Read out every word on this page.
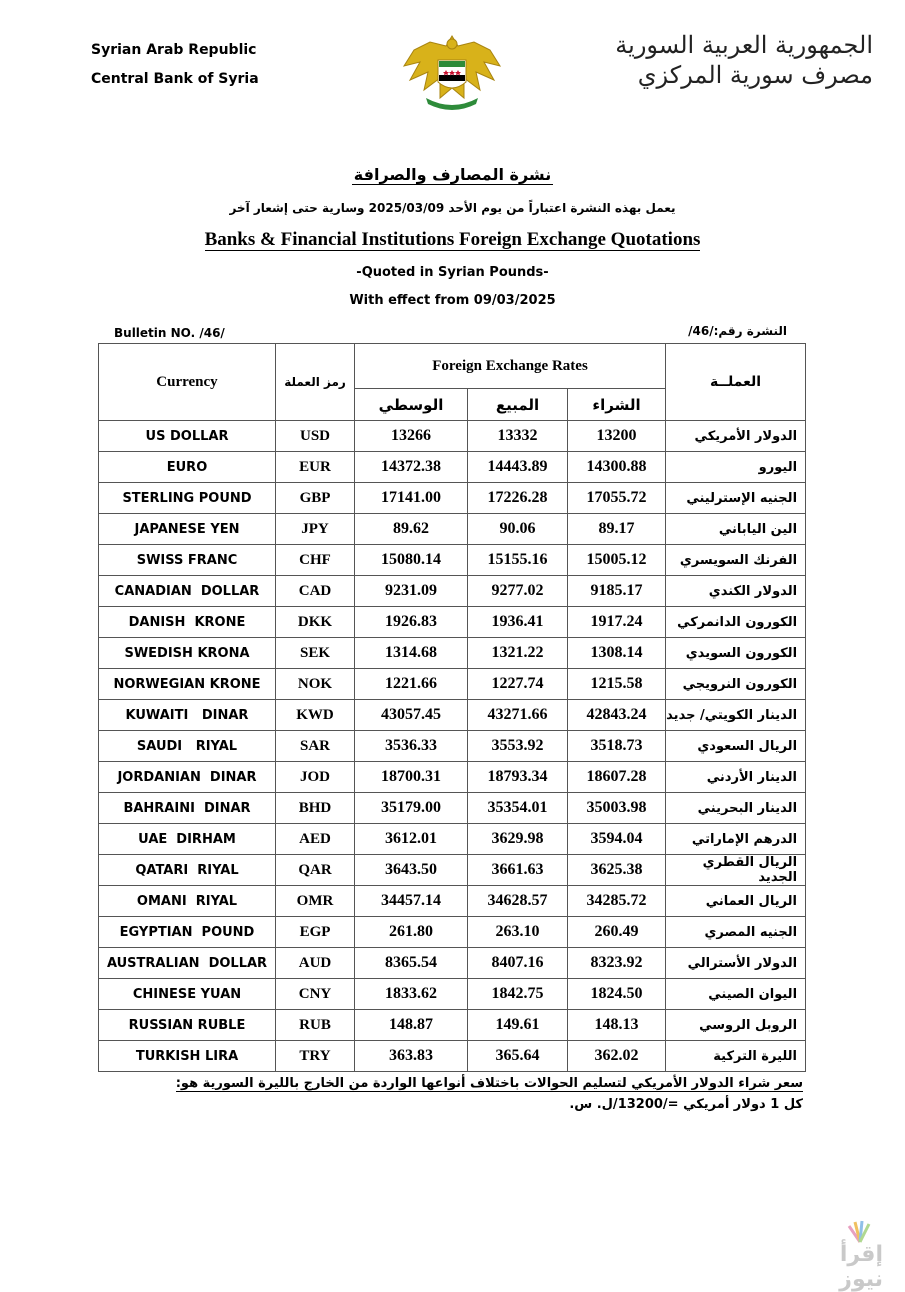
Syrian Arab Republic
Central Bank of Syria
الجمهورية العربية السورية
مصرف سورية المركزي
نشرة المصارف والصرافة
يعمل بهذه النشرة اعتباراً من يوم الأحد 2025/03/09 وسارية حتى إشعار آخر
Banks & Financial Institutions Foreign Exchange Quotations
-Quoted in Syrian Pounds-
With effect from 09/03/2025
Bulletin NO. /46/	النشرة رقم:/46/
Currency	رمز العملة	Foreign Exchange Rates			العملــة
		الوسطي	المبيع	الشراء	

US DOLLAR	USD	13266	13332	13200	الدولار الأمريكي

EURO	EUR	14372.38	14443.89	14300.88	اليورو

STERLING POUND	GBP	17141.00	17226.28	17055.72	الجنيه الإسترليني

JAPANESE YEN	JPY	89.62	90.06	89.17	الين الياباني

SWISS FRANC	CHF	15080.14	15155.16	15005.12	الفرنك السويسري

CANADIAN  DOLLAR	CAD	9231.09	9277.02	9185.17	الدولار الكندي

DANISH  KRONE	DKK	1926.83	1936.41	1917.24	الكورون الدانمركي

SWEDISH KRONA	SEK	1314.68	1321.22	1308.14	الكورون السويدي

NORWEGIAN KRONE	NOK	1221.66	1227.74	1215.58	الكورون النرويجي

KUWAITI   DINAR	KWD	43057.45	43271.66	42843.24	الدينار الكويتي/ جديد

SAUDI   RIYAL	SAR	3536.33	3553.92	3518.73	الريال السعودي

JORDANIAN  DINAR	JOD	18700.31	18793.34	18607.28	الدينار الأردني

BAHRAINI  DINAR	BHD	35179.00	35354.01	35003.98	الدينار البحريني

UAE  DIRHAM	AED	3612.01	3629.98	3594.04	الدرهم الإماراتي

QATARI  RIYAL	QAR	3643.50	3661.63	3625.38	الريال القطري الجديد

OMANI  RIYAL	OMR	34457.14	34628.57	34285.72	الريال العماني

EGYPTIAN  POUND	EGP	261.80	263.10	260.49	الجنيه المصري

AUSTRALIAN  DOLLAR	AUD	8365.54	8407.16	8323.92	الدولار الأسترالي

CHINESE YUAN	CNY	1833.62	1842.75	1824.50	اليوان الصيني

RUSSIAN RUBLE	RUB	148.87	149.61	148.13	الروبل الروسي

TURKISH LIRA	TRY	363.83	365.64	362.02	الليرة التركية
سعر شراء الدولار الأمريكي لتسليم الحوالات باختلاف أنواعها الواردة من الخارج بالليرة السورية هو:
كل 1 دولار أمريكي =/13200/ل. س.
إقرأ نيوز
